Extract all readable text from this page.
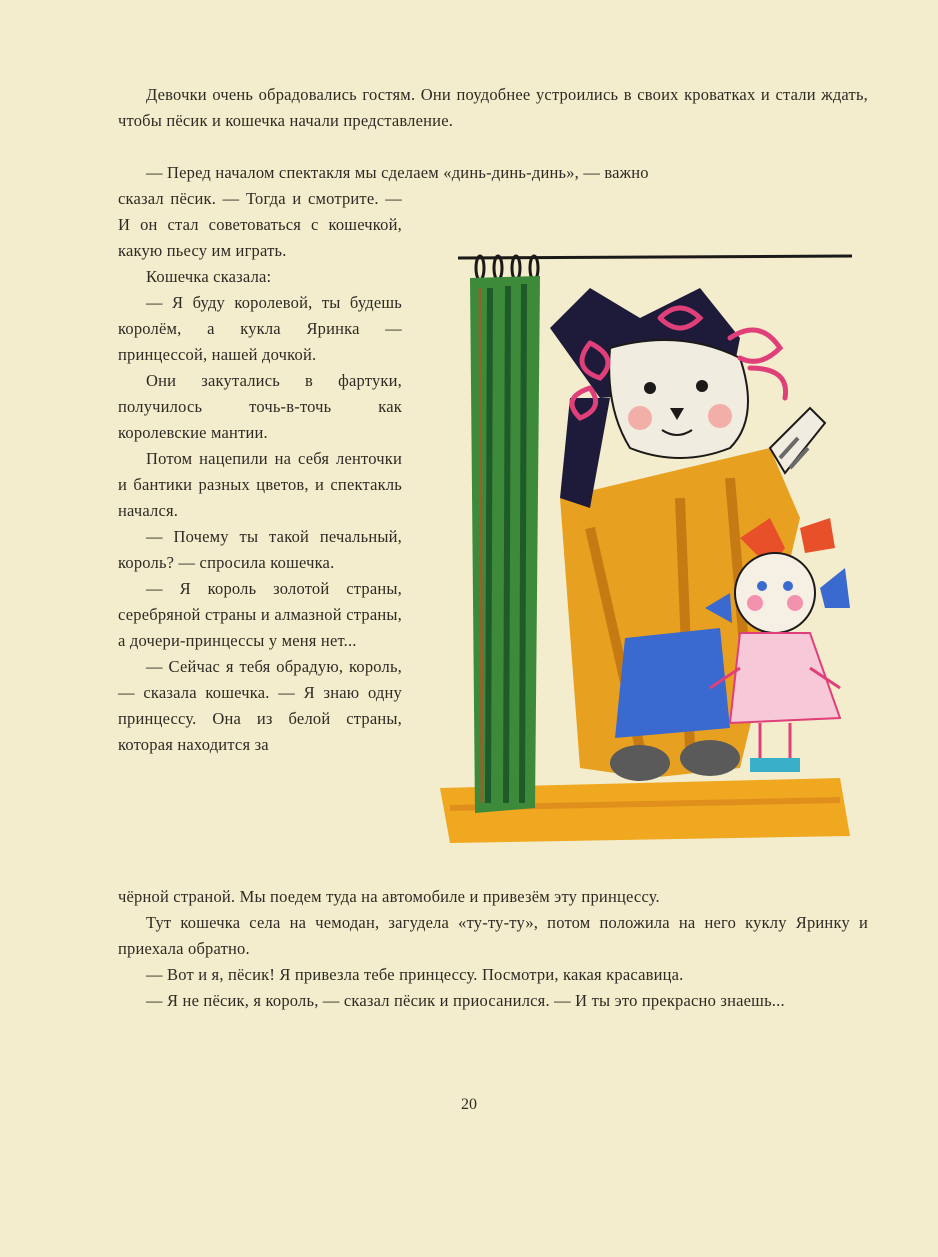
Девочки очень обрадовались гостям. Они поудобнее устроились в своих кроватках и стали ждать, чтобы пёсик и кошечка начали представление.

— Перед началом спектакля мы сделаем «динь-динь-динь», — важно

сказал пёсик. — Тогда и смотрите. — И он стал советоваться с кошечкой, какую пьесу им играть.

Кошечка сказала:

— Я буду королевой, ты будешь королём, а кукла Яринка — принцессой, нашей дочкой.

Они закутались в фартуки, получилось точь-в-точь как королевские мантии.

Потом нацепили на себя ленточки и бантики разных цветов, и спектакль начался.

— Почему ты такой печальный, король? — спросила кошечка.

— Я король золотой страны, серебряной страны и алмазной страны, а дочери-принцессы у меня нет...

— Сейчас я тебя обрадую, король, — сказала кошечка. — Я знаю одну принцессу. Она из белой страны, которая находится за

чёрной страной. Мы поедем туда на автомобиле и привезём эту принцессу.

Тут кошечка села на чемодан, загудела «ту-ту-ту», потом положила на него куклу Яринку и приехала обратно.

— Вот и я, пёсик! Я привезла тебе принцессу. Посмотри, какая красавица.

— Я не пёсик, я король, — сказал пёсик и приосанился. — И ты это прекрасно знаешь...

20
